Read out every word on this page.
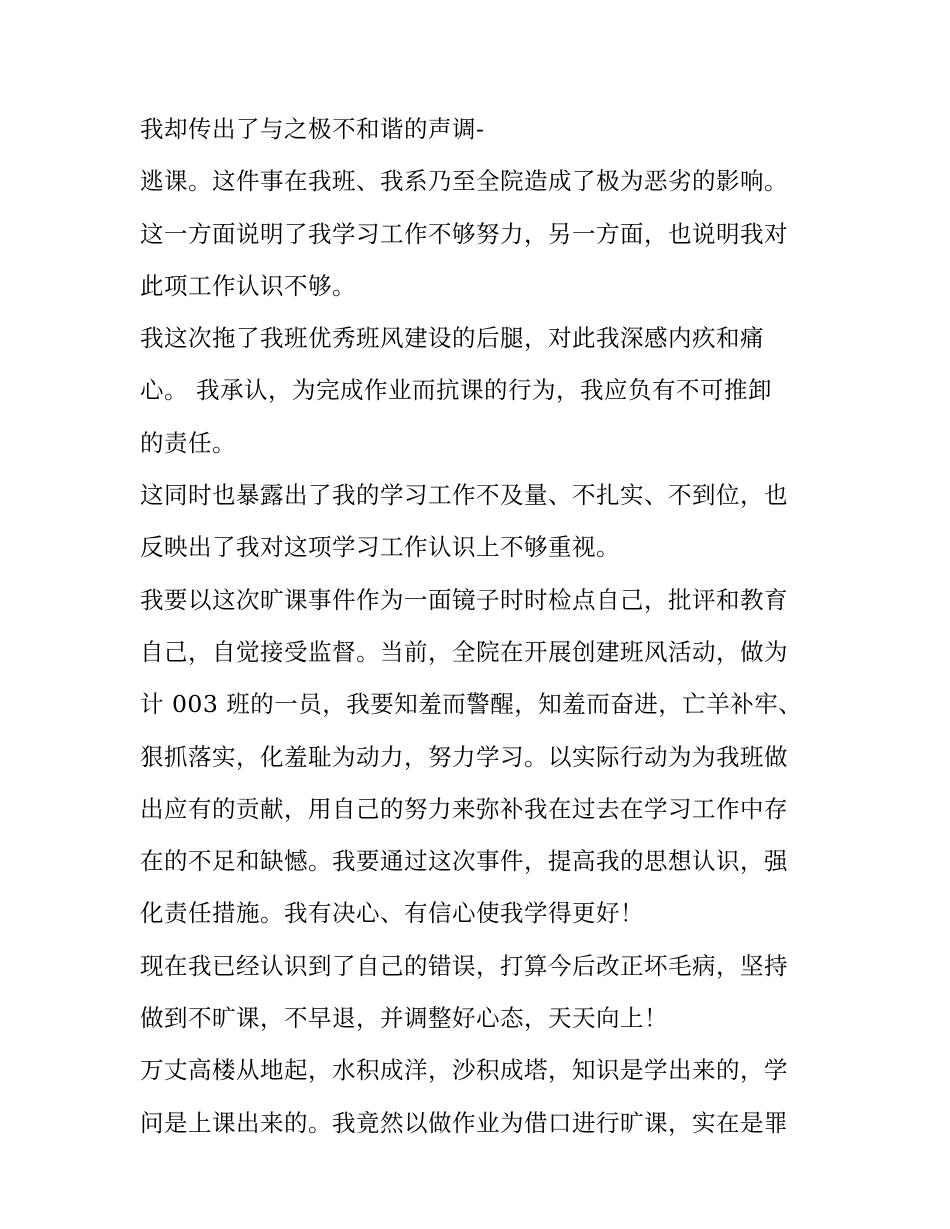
我却传出了与之极不和谐的声调-
逃课。这件事在我班、我系乃至全院造成了极为恶劣的影响。
这一方面说明了我学习工作不够努力，另一方面，也说明我对
此项工作认识不够。
我这次拖了我班优秀班风建设的后腿，对此我深感内疚和痛
心。 我承认，为完成作业而抗课的行为，我应负有不可推卸
的责任。
这同时也暴露出了我的学习工作不及量、不扎实、不到位，也
反映出了我对这项学习工作认识上不够重视。
我要以这次旷课事件作为一面镜子时时检点自己，批评和教育
自己，自觉接受监督。当前，全院在开展创建班风活动，做为
计 003 班的一员，我要知羞而警醒，知羞而奋进，亡羊补牢、
狠抓落实，化羞耻为动力，努力学习。以实际行动为为我班做
出应有的贡献，用自己的努力来弥补我在过去在学习工作中存
在的不足和缺憾。我要通过这次事件，提高我的思想认识，强
化责任措施。我有决心、有信心使我学得更好！
现在我已经认识到了自己的错误，打算今后改正坏毛病，坚持
做到不旷课，不早退，并调整好心态，天天向上！
万丈高楼从地起，水积成洋，沙积成塔，知识是学出来的，学
问是上课出来的。我竟然以做作业为借口进行旷课，实在是罪
